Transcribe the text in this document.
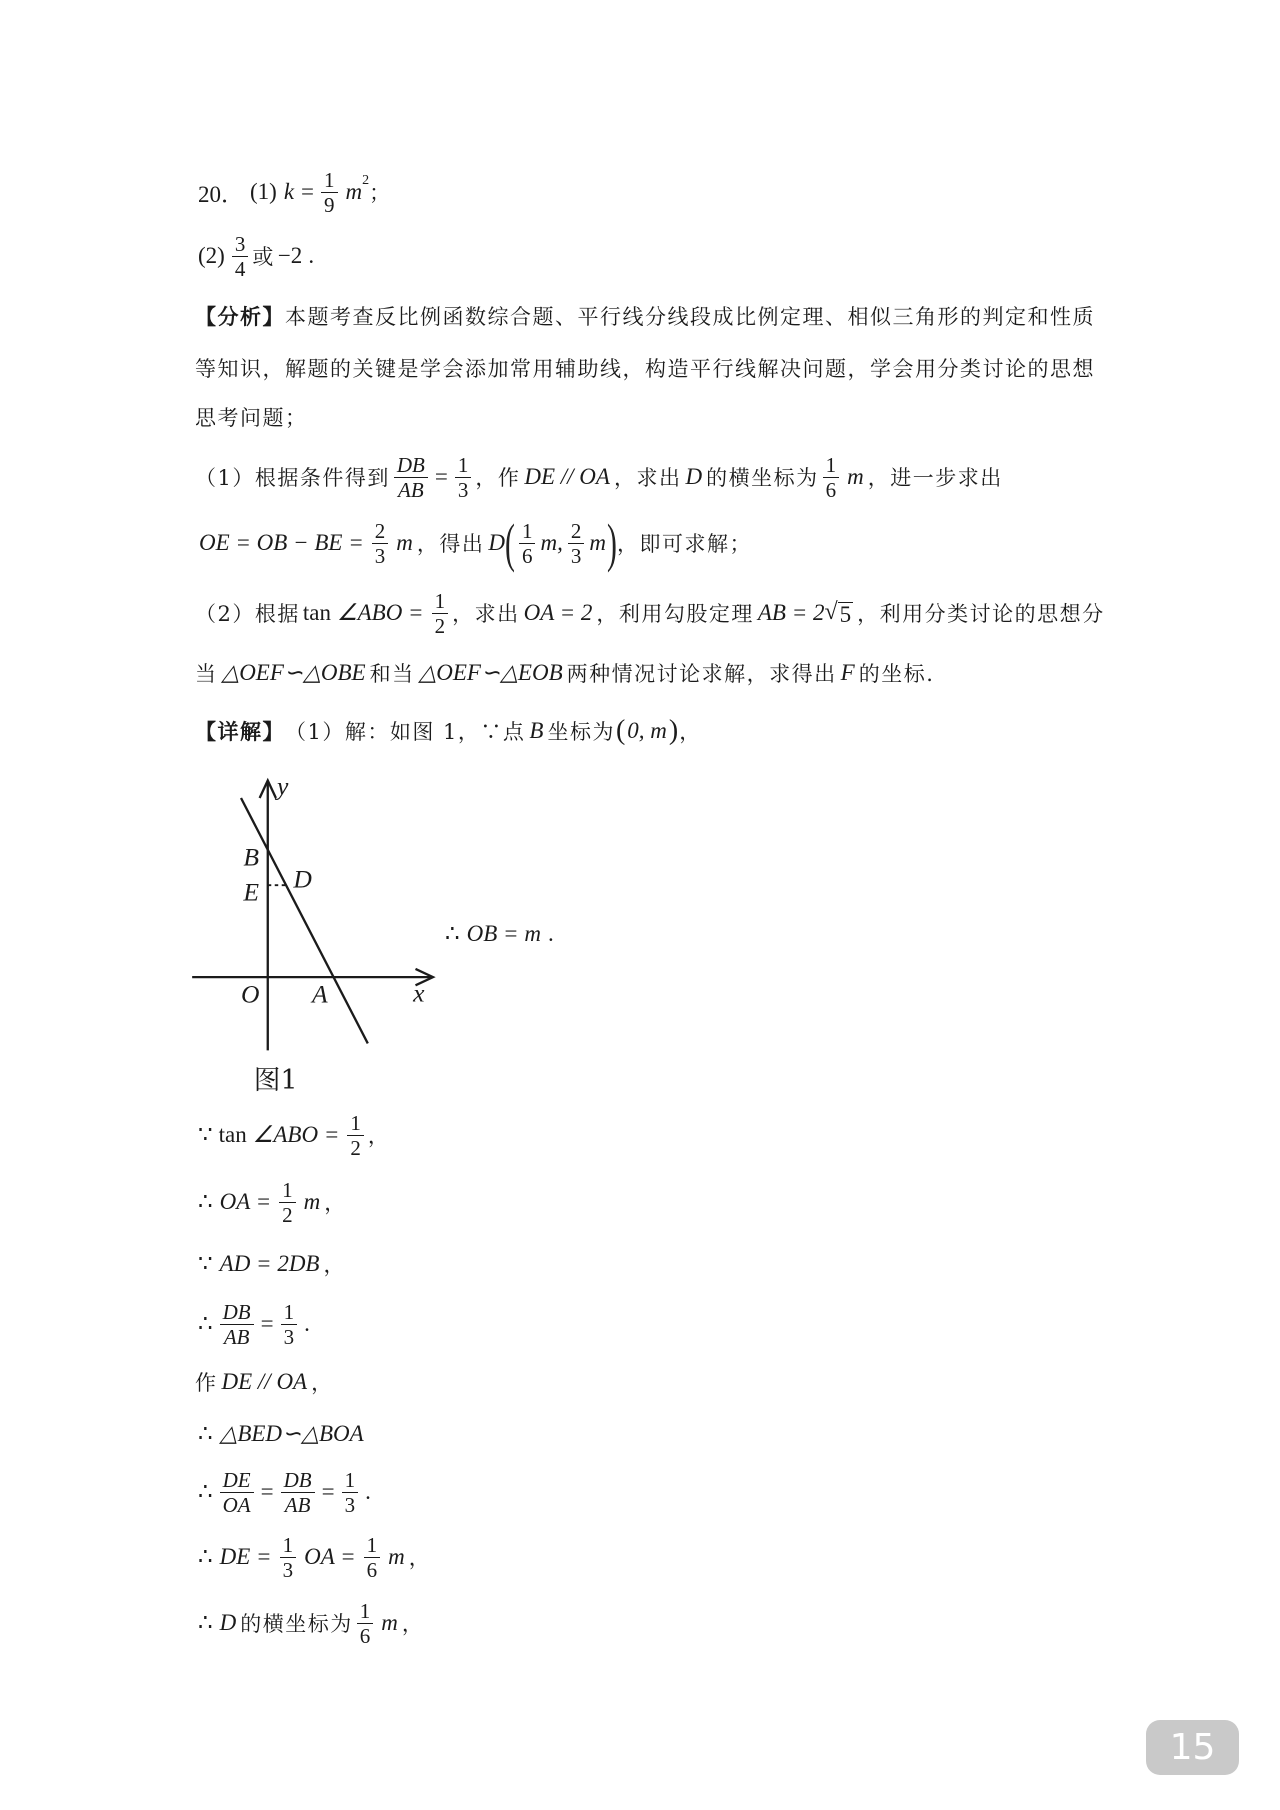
20． (1) $k = \frac{1}{9}$ m 2
；
$(2) \frac{3}{4}$ 或 −2 .
【分析】 本题考查反比例函数综合题、平行线分线段成比例定理、相似三角形的判定和性质
等知识，解题的关键是学会添加常用辅助线，构造平行线解决问题，学会用分类讨论的思想
思考问题；
（1）根据条件得到 $\frac{DB}{AB} = \frac{1}{3}$ ，作 DE // OA ，求出 D 的横坐标为 $\frac{1}{6}$ m ，进一步求出
OE = OB − BE = $\frac{2}{3}$ m ，得出 D ( $\frac{1}{6} m$, $\frac{2}{3}$ m ) ，即可求解；
（2）根据 tan ∠ABO = $\frac{1}{2}$ ，求出 OA = 2 ，利用勾股定理 AB = 2 √ 5 ，利用分类讨论的思想分
当 △OEF∽△OBE 和当 △OEF∽△EOB 两种情况讨论求解，求得出 F 的坐标.
【详解】 （1）解：如图 1，∵点 B 坐标为 ( 0, m ) ，
y
B
D
E
O A	x
图1
∴ OB = m .
∵ tan ∠ABO = $\frac{1}{2}$ ，
∴ OA = $\frac{1}{2}$ m ，
∵ AD = 2DB ，
∴ $\frac{DB}{AB} = \frac{1}{3}$ .
作 DE // OA ，
∴ △BED∽△BOA
∴ $\frac{DE}{OA} = \frac{DB}{AB} = \frac{1}{3}$ .
∴ DE = $\frac{1}{3}$ OA = $\frac{1}{6}$ m ，
∴ D 的横坐标为 $\frac{1}{6}$ m ，
15
